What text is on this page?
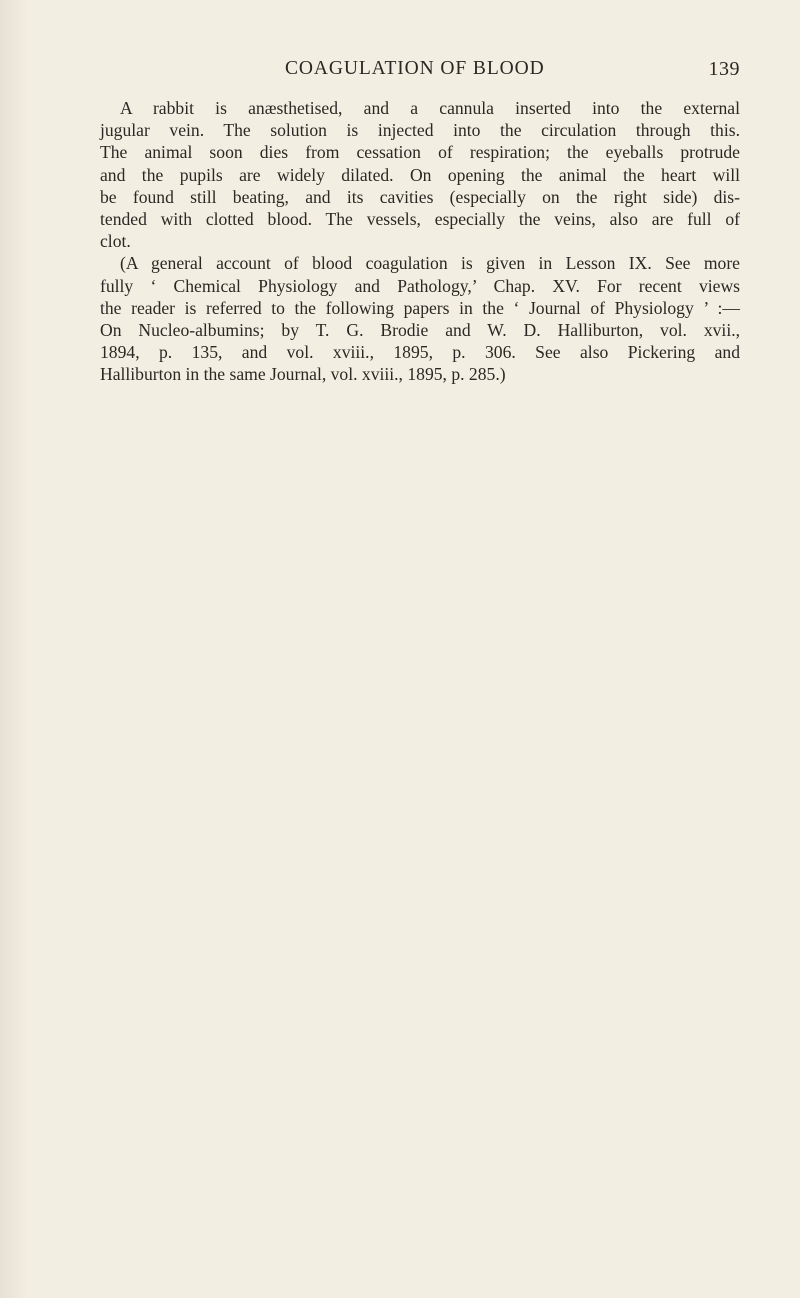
COAGULATION OF BLOOD	139
A rabbit is anæsthetised, and a cannula inserted into the external
jugular vein. The solution is injected into the circulation through this.
The animal soon dies from cessation of respiration; the eyeballs protrude
and the pupils are widely dilated. On opening the animal the heart will
be found still beating, and its cavities (especially on the right side) dis-
tended with clotted blood. The vessels, especially the veins, also are full of
clot.
(A general account of blood coagulation is given in Lesson IX. See more
fully ‘ Chemical Physiology and Pathology,’ Chap. XV. For recent views
the reader is referred to the following papers in the ‘ Journal of Physiology ’ :—
On Nucleo-albumins; by T. G. Brodie and W. D. Halliburton, vol. xvii.,
1894, p. 135, and vol. xviii., 1895, p. 306. See also Pickering and
Halliburton in the same Journal, vol. xviii., 1895, p. 285.)
